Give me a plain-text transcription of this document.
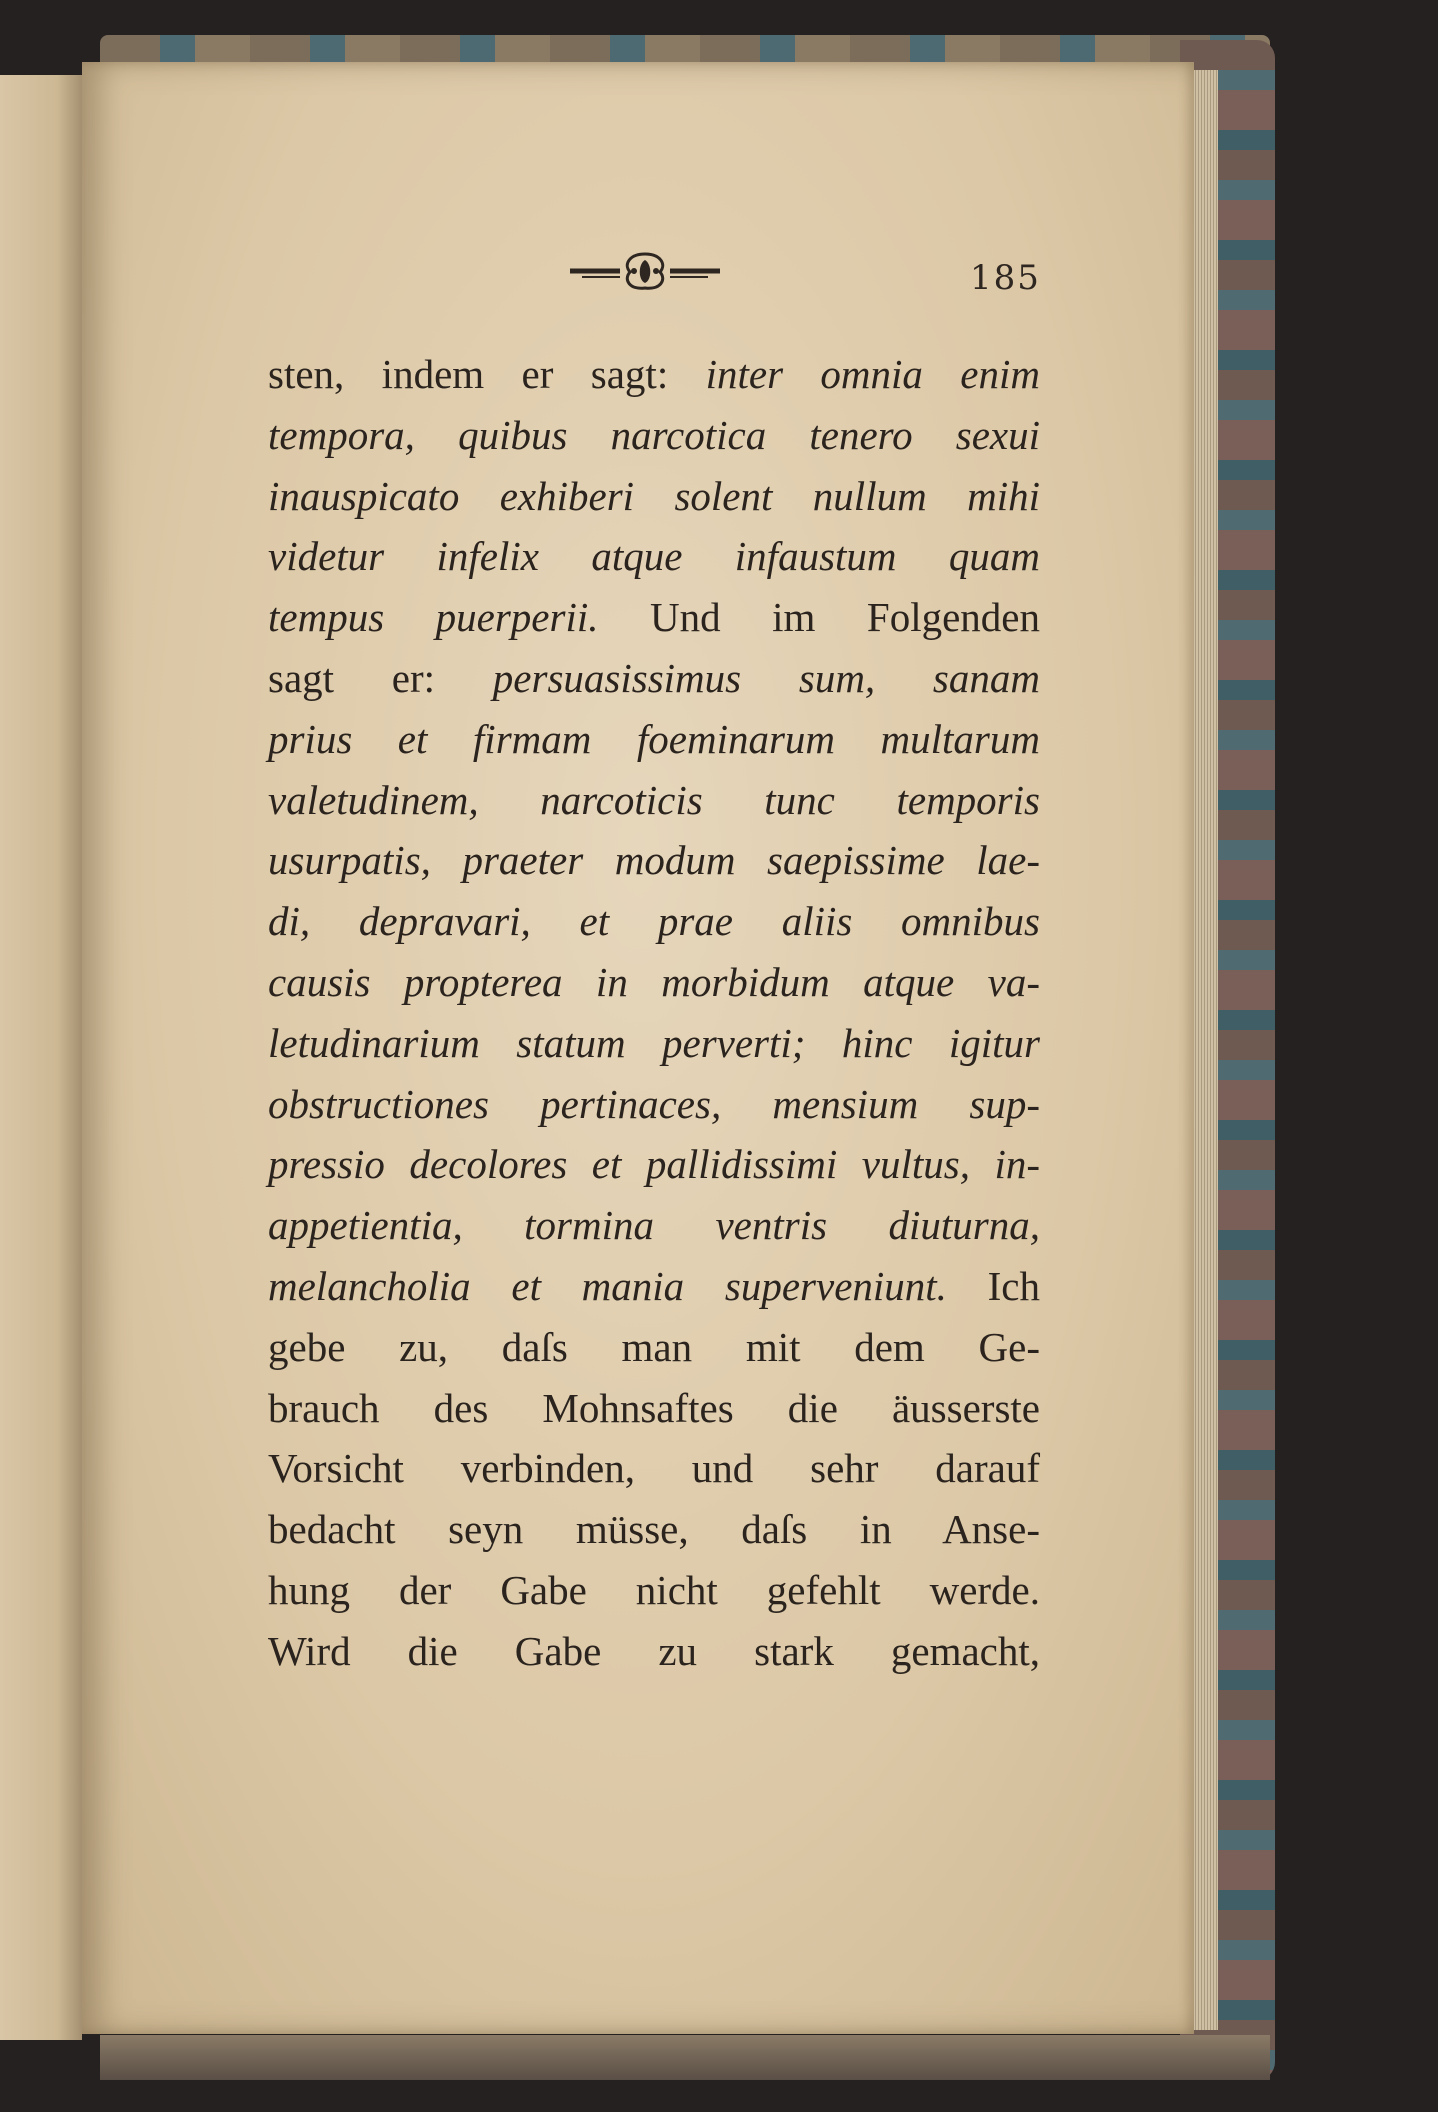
185
sten, indem er sagt: inter omnia enim
tempora, quibus narcotica tenero sexui
inauspicato exhiberi solent nullum mihi
videtur infelix atque infaustum quam
tempus puerperii. Und im Folgenden
sagt er: persuasissimus sum, sanam
prius et firmam foeminarum multarum
valetudinem, narcoticis tunc temporis
usurpatis, praeter modum saepissime lae-
di, depravari, et prae aliis omnibus
causis propterea in morbidum atque va-
letudinarium statum perverti; hinc igitur
obstructiones pertinaces, mensium sup-
pressio decolores et pallidissimi vultus, in-
appetientia, tormina ventris diuturna,
melancholia et mania superveniunt. Ich
gebe zu, daſs man mit dem Ge-
brauch des Mohnsaftes die äusserste
Vorsicht verbinden, und sehr darauf
bedacht seyn müsse, daſs in Anse-
hung der Gabe nicht gefehlt werde.
Wird die Gabe zu stark gemacht,
